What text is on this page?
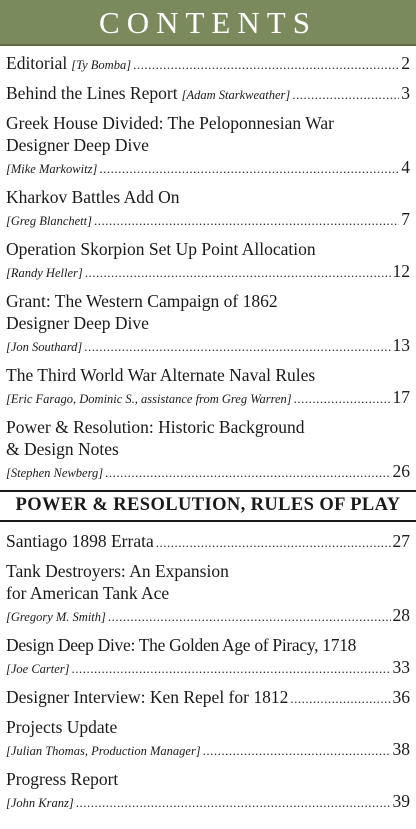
CONTENTS
Editorial [Ty Bomba] .....	2
Behind the Lines Report [Adam Starkweather] .....	3
Greek House Divided: The Peloponnesian War
Designer Deep Dive
[Mike Markowitz] .....	4
Kharkov Battles Add On
[Greg Blanchett] .....	7
Operation Skorpion Set Up Point Allocation
[Randy Heller] .....	12
Grant: The Western Campaign of 1862
Designer Deep Dive
[Jon Southard] .....	13
The Third World War Alternate Naval Rules
[Eric Farago, Dominic S., assistance from Greg Warren] .....	17
Power & Resolution: Historic Background
& Design Notes
[Stephen Newberg] .....	26
POWER & RESOLUTION, RULES OF PLAY
Santiago 1898 Errata .....	27
Tank Destroyers: An Expansion
for American Tank Ace
[Gregory M. Smith] .....	28
Design Deep Dive: The Golden Age of Piracy, 1718
[Joe Carter] .....	33
Designer Interview: Ken Repel for 1812 .....	36
Projects Update
[Julian Thomas, Production Manager] .....	38
Progress Report
[John Kranz] .....	39
